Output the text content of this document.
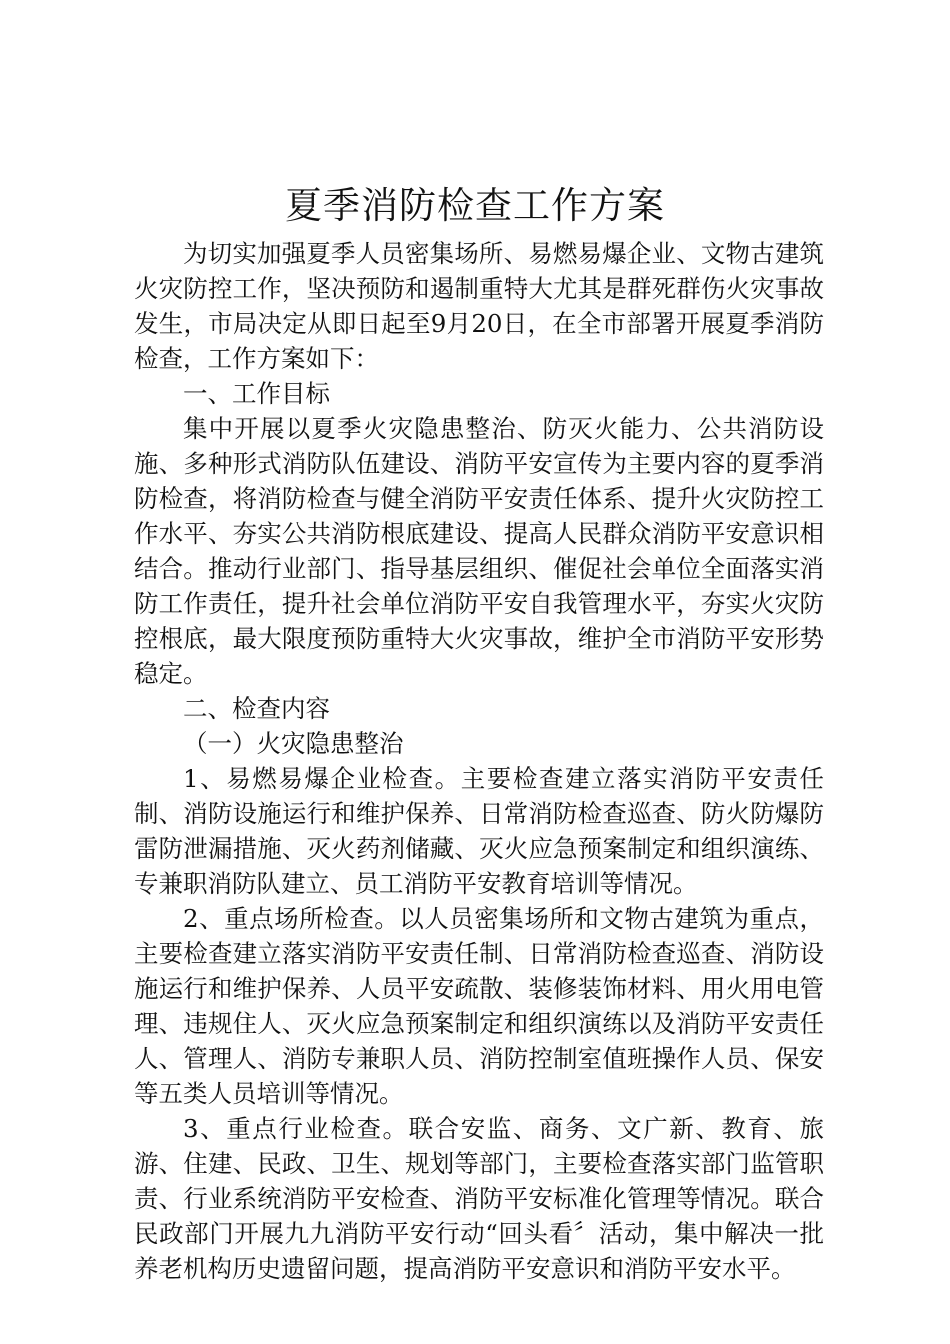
夏季消防检查工作方案

为切实加强夏季人员密集场所、易燃易爆企业、文物古建筑火灾防控工作，坚决预防和遏制重特大尤其是群死群伤火灾事故发生，市局决定从即日起至9月20日，在全市部署开展夏季消防检查，工作方案如下：

一、工作目标

集中开展以夏季火灾隐患整治、防灭火能力、公共消防设施、多种形式消防队伍建设、消防平安宣传为主要内容的夏季消防检查，将消防检查与健全消防平安责任体系、提升火灾防控工作水平、夯实公共消防根底建设、提高人民群众消防平安意识相结合。推动行业部门、指导基层组织、催促社会单位全面落实消防工作责任，提升社会单位消防平安自我管理水平，夯实火灾防控根底，最大限度预防重特大火灾事故，维护全市消防平安形势稳定。

二、检查内容

（一）火灾隐患整治

1、易燃易爆企业检查。主要检查建立落实消防平安责任制、消防设施运行和维护保养、日常消防检查巡查、防火防爆防雷防泄漏措施、灭火药剂储藏、灭火应急预案制定和组织演练、专兼职消防队建立、员工消防平安教育培训等情况。

2、重点场所检查。以人员密集场所和文物古建筑为重点，主要检查建立落实消防平安责任制、日常消防检查巡查、消防设施运行和维护保养、人员平安疏散、装修装饰材料、用火用电管理、违规住人、灭火应急预案制定和组织演练以及消防平安责任人、管理人、消防专兼职人员、消防控制室值班操作人员、保安等五类人员培训等情况。

3、重点行业检查。联合安监、商务、文广新、教育、旅游、住建、民政、卫生、规划等部门，主要检查落实部门监管职责、行业系统消防平安检查、消防平安标准化管理等情况。联合民政部门开展九九消防平安行动“回头看〞活动，集中解决一批养老机构历史遗留问题，提高消防平安意识和消防平安水平。
